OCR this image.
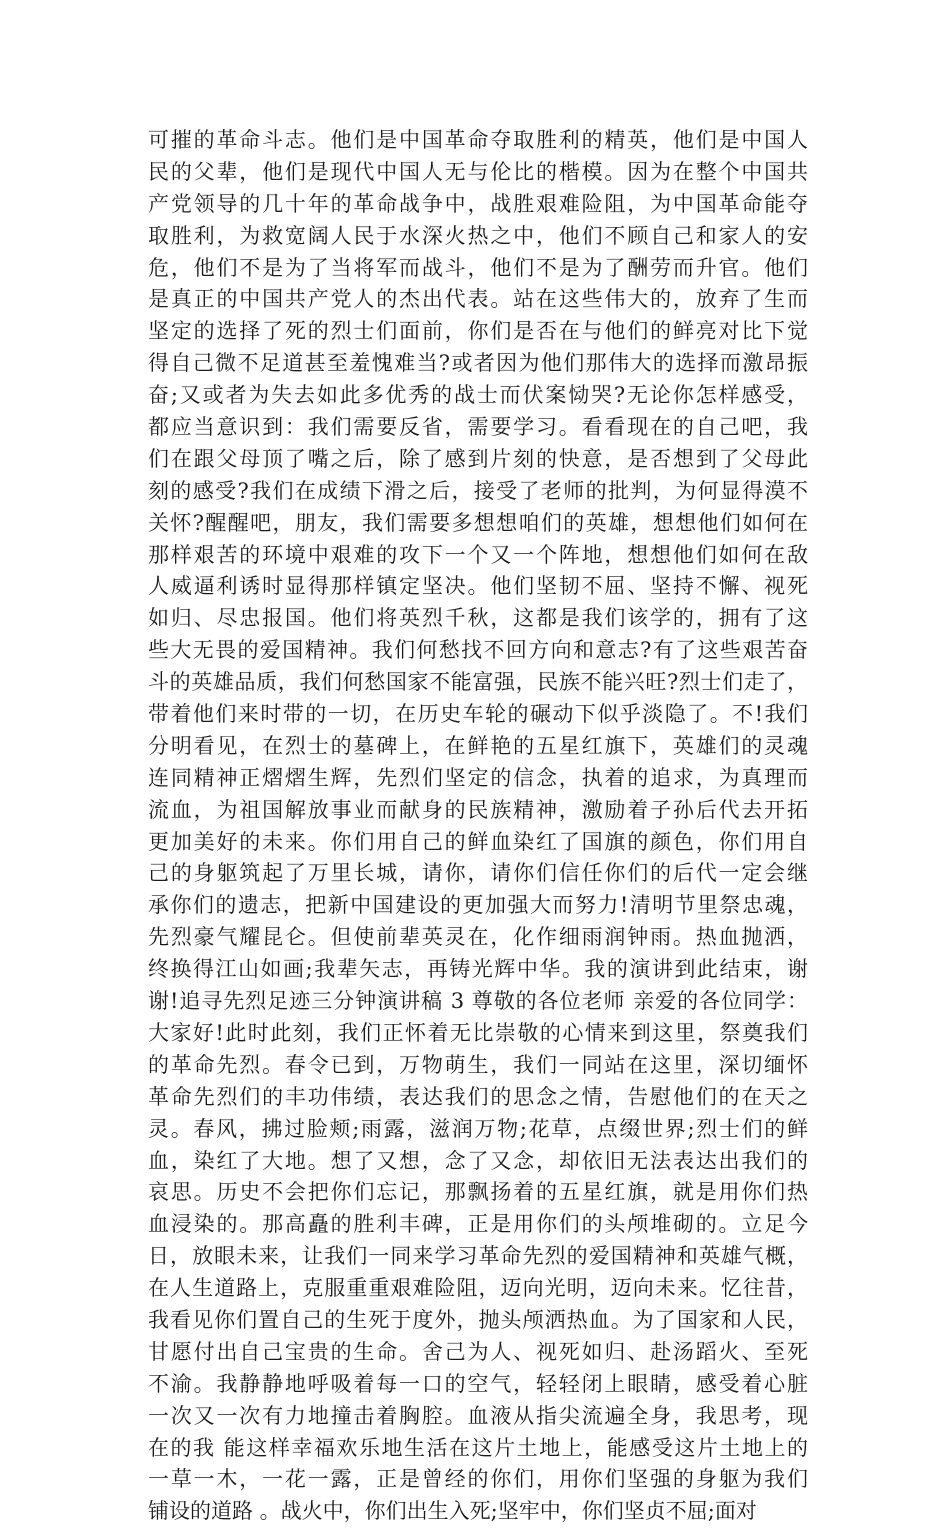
可摧的革命斗志。他们是中国革命夺取胜利的精英，他们是中国人
民的父辈，他们是现代中国人无与伦比的楷模。因为在整个中国共
产党领导的几十年的革命战争中，战胜艰难险阻，为中国革命能夺
取胜利，为救宽阔人民于水深火热之中，他们不顾自己和家人的安
危，他们不是为了当将军而战斗，他们不是为了酬劳而升官。他们
是真正的中国共产党人的杰出代表。站在这些伟大的，放弃了生而
坚定的选择了死的烈士们面前，你们是否在与他们的鲜亮对比下觉
得自己微不足道甚至羞愧难当?或者因为他们那伟大的选择而激昂振
奋;又或者为失去如此多优秀的战士而伏案恸哭?无论你怎样感受，
都应当意识到：我们需要反省，需要学习。看看现在的自己吧，我
们在跟父母顶了嘴之后，除了感到片刻的快意，是否想到了父母此
刻的感受?我们在成绩下滑之后，接受了老师的批判，为何显得漠不
关怀?醒醒吧，朋友，我们需要多想想咱们的英雄，想想他们如何在
那样艰苦的环境中艰难的攻下一个又一个阵地，想想他们如何在敌
人威逼利诱时显得那样镇定坚决。他们坚韧不屈、坚持不懈、视死
如归、尽忠报国。他们将英烈千秋，这都是我们该学的，拥有了这
些大无畏的爱国精神。我们何愁找不回方向和意志?有了这些艰苦奋
斗的英雄品质，我们何愁国家不能富强，民族不能兴旺?烈士们走了，
带着他们来时带的一切，在历史车轮的碾动下似乎淡隐了。不!我们
分明看见，在烈士的墓碑上，在鲜艳的五星红旗下，英雄们的灵魂
连同精神正熠熠生辉，先烈们坚定的信念，执着的追求，为真理而
流血，为祖国解放事业而献身的民族精神，激励着子孙后代去开拓
更加美好的未来。你们用自己的鲜血染红了国旗的颜色，你们用自
己的身躯筑起了万里长城，请你，请你们信任你们的后代一定会继
承你们的遗志，把新中国建设的更加强大而努力!清明节里祭忠魂，
先烈豪气耀昆仑。但使前辈英灵在，化作细雨润钟雨。热血抛洒，
终换得江山如画;我辈矢志，再铸光辉中华。我的演讲到此结束，谢
谢!追寻先烈足迹三分钟演讲稿 3 尊敬的各位老师 亲爱的各位同学：
大家好!此时此刻，我们正怀着无比崇敬的心情来到这里，祭奠我们
的革命先烈。春令已到，万物萌生，我们一同站在这里，深切缅怀
革命先烈们的丰功伟绩，表达我们的思念之情，告慰他们的在天之
灵。春风，拂过脸颊;雨露，滋润万物;花草，点缀世界;烈士们的鲜
血，染红了大地。想了又想，念了又念，却依旧无法表达出我们的
哀思。历史不会把你们忘记，那飘扬着的五星红旗，就是用你们热
血浸染的。那高矗的胜利丰碑，正是用你们的头颅堆砌的。立足今
日，放眼未来，让我们一同来学习革命先烈的爱国精神和英雄气概，
在人生道路上，克服重重艰难险阻，迈向光明，迈向未来。忆往昔，
我看见你们置自己的生死于度外，抛头颅洒热血。为了国家和人民，
甘愿付出自己宝贵的生命。舍己为人、视死如归、赴汤蹈火、至死
不渝。我静静地呼吸着每一口的空气，轻轻闭上眼睛，感受着心脏
一次又一次有力地撞击着胸腔。血液从指尖流遍全身，我思考，现
在的我 能这样幸福欢乐地生活在这片土地上，能感受这片土地上的
一草一木，一花一露，正是曾经的你们，用你们坚强的身躯为我们
铺设的道路 。战火中，你们出生入死;坚牢中，你们坚贞不屈;面对
